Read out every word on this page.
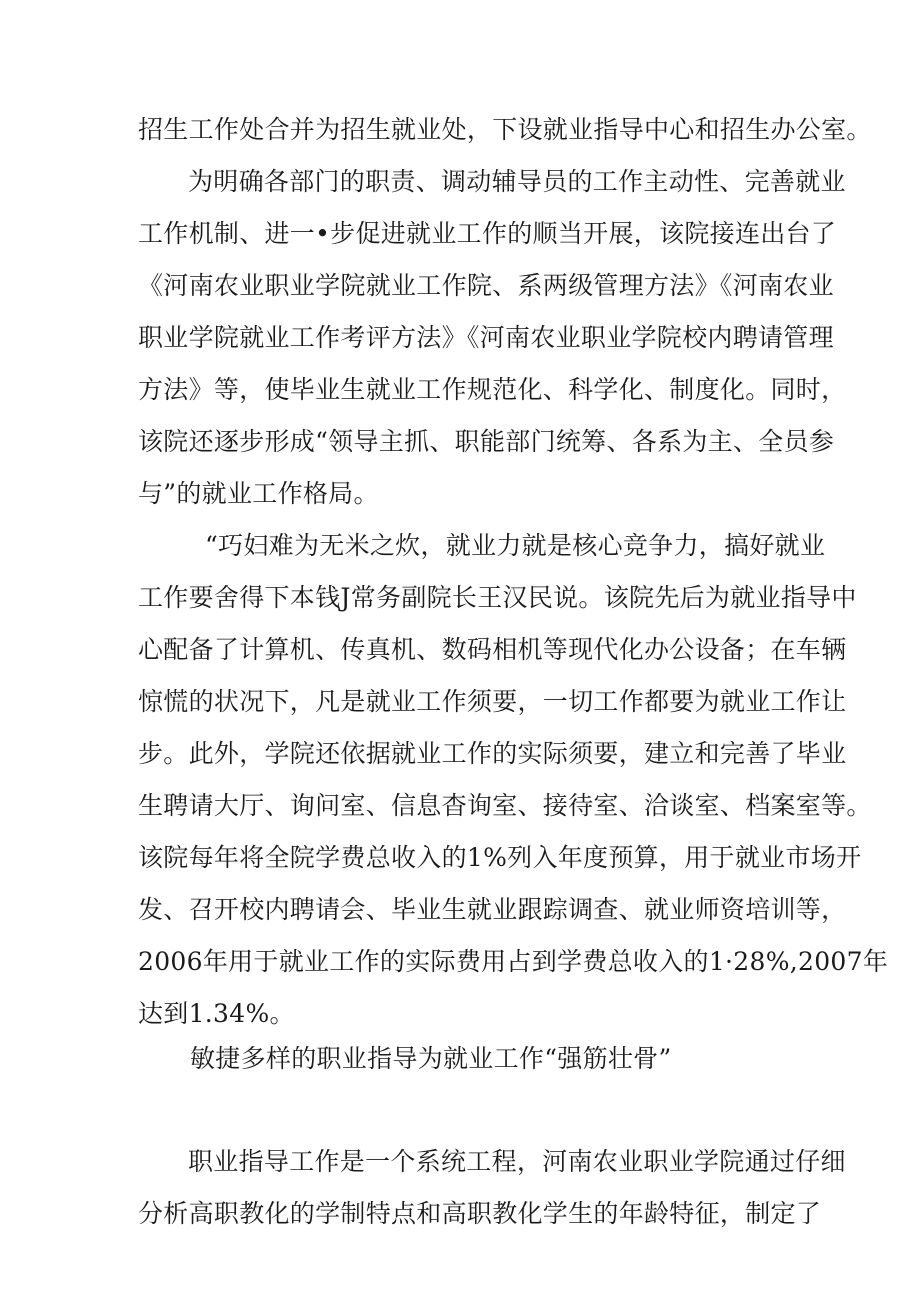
招生工作处合并为招生就业处，下设就业指导中心和招生办公室。
为明确各部门的职责、调动辅导员的工作主动性、完善就业
工作机制、进一•步促进就业工作的顺当开展，该院接连出台了
《河南农业职业学院就业工作院、系两级管理方法》《河南农业
职业学院就业工作考评方法》《河南农业职业学院校内聘请管理
方法》等，使毕业生就业工作规范化、科学化、制度化。同时，
该院还逐步形成“领导主抓、职能部门统筹、各系为主、全员参
与”的就业工作格局。
“巧妇难为无米之炊，就业力就是核心竞争力，搞好就业
工作要舍得下本钱J常务副院长王汉民说。该院先后为就业指导中
心配备了计算机、传真机、数码相机等现代化办公设备；在车辆
惊慌的状况下，凡是就业工作须要，一切工作都要为就业工作让
步。此外，学院还依据就业工作的实际须要，建立和完善了毕业
生聘请大厅、询问室、信息杳询室、接待室、洽谈室、档案室等。
该院每年将全院学费总收入的1%列入年度预算，用于就业市场开
发、召开校内聘请会、毕业生就业跟踪调查、就业师资培训等，
2006年用于就业工作的实际费用占到学费总收入的1·28%,2007年
达到1.34%。
敏捷多样的职业指导为就业工作“强筋壮骨”
职业指导工作是一个系统工程，河南农业职业学院通过仔细
分析高职教化的学制特点和高职教化学生的年龄特征，制定了
